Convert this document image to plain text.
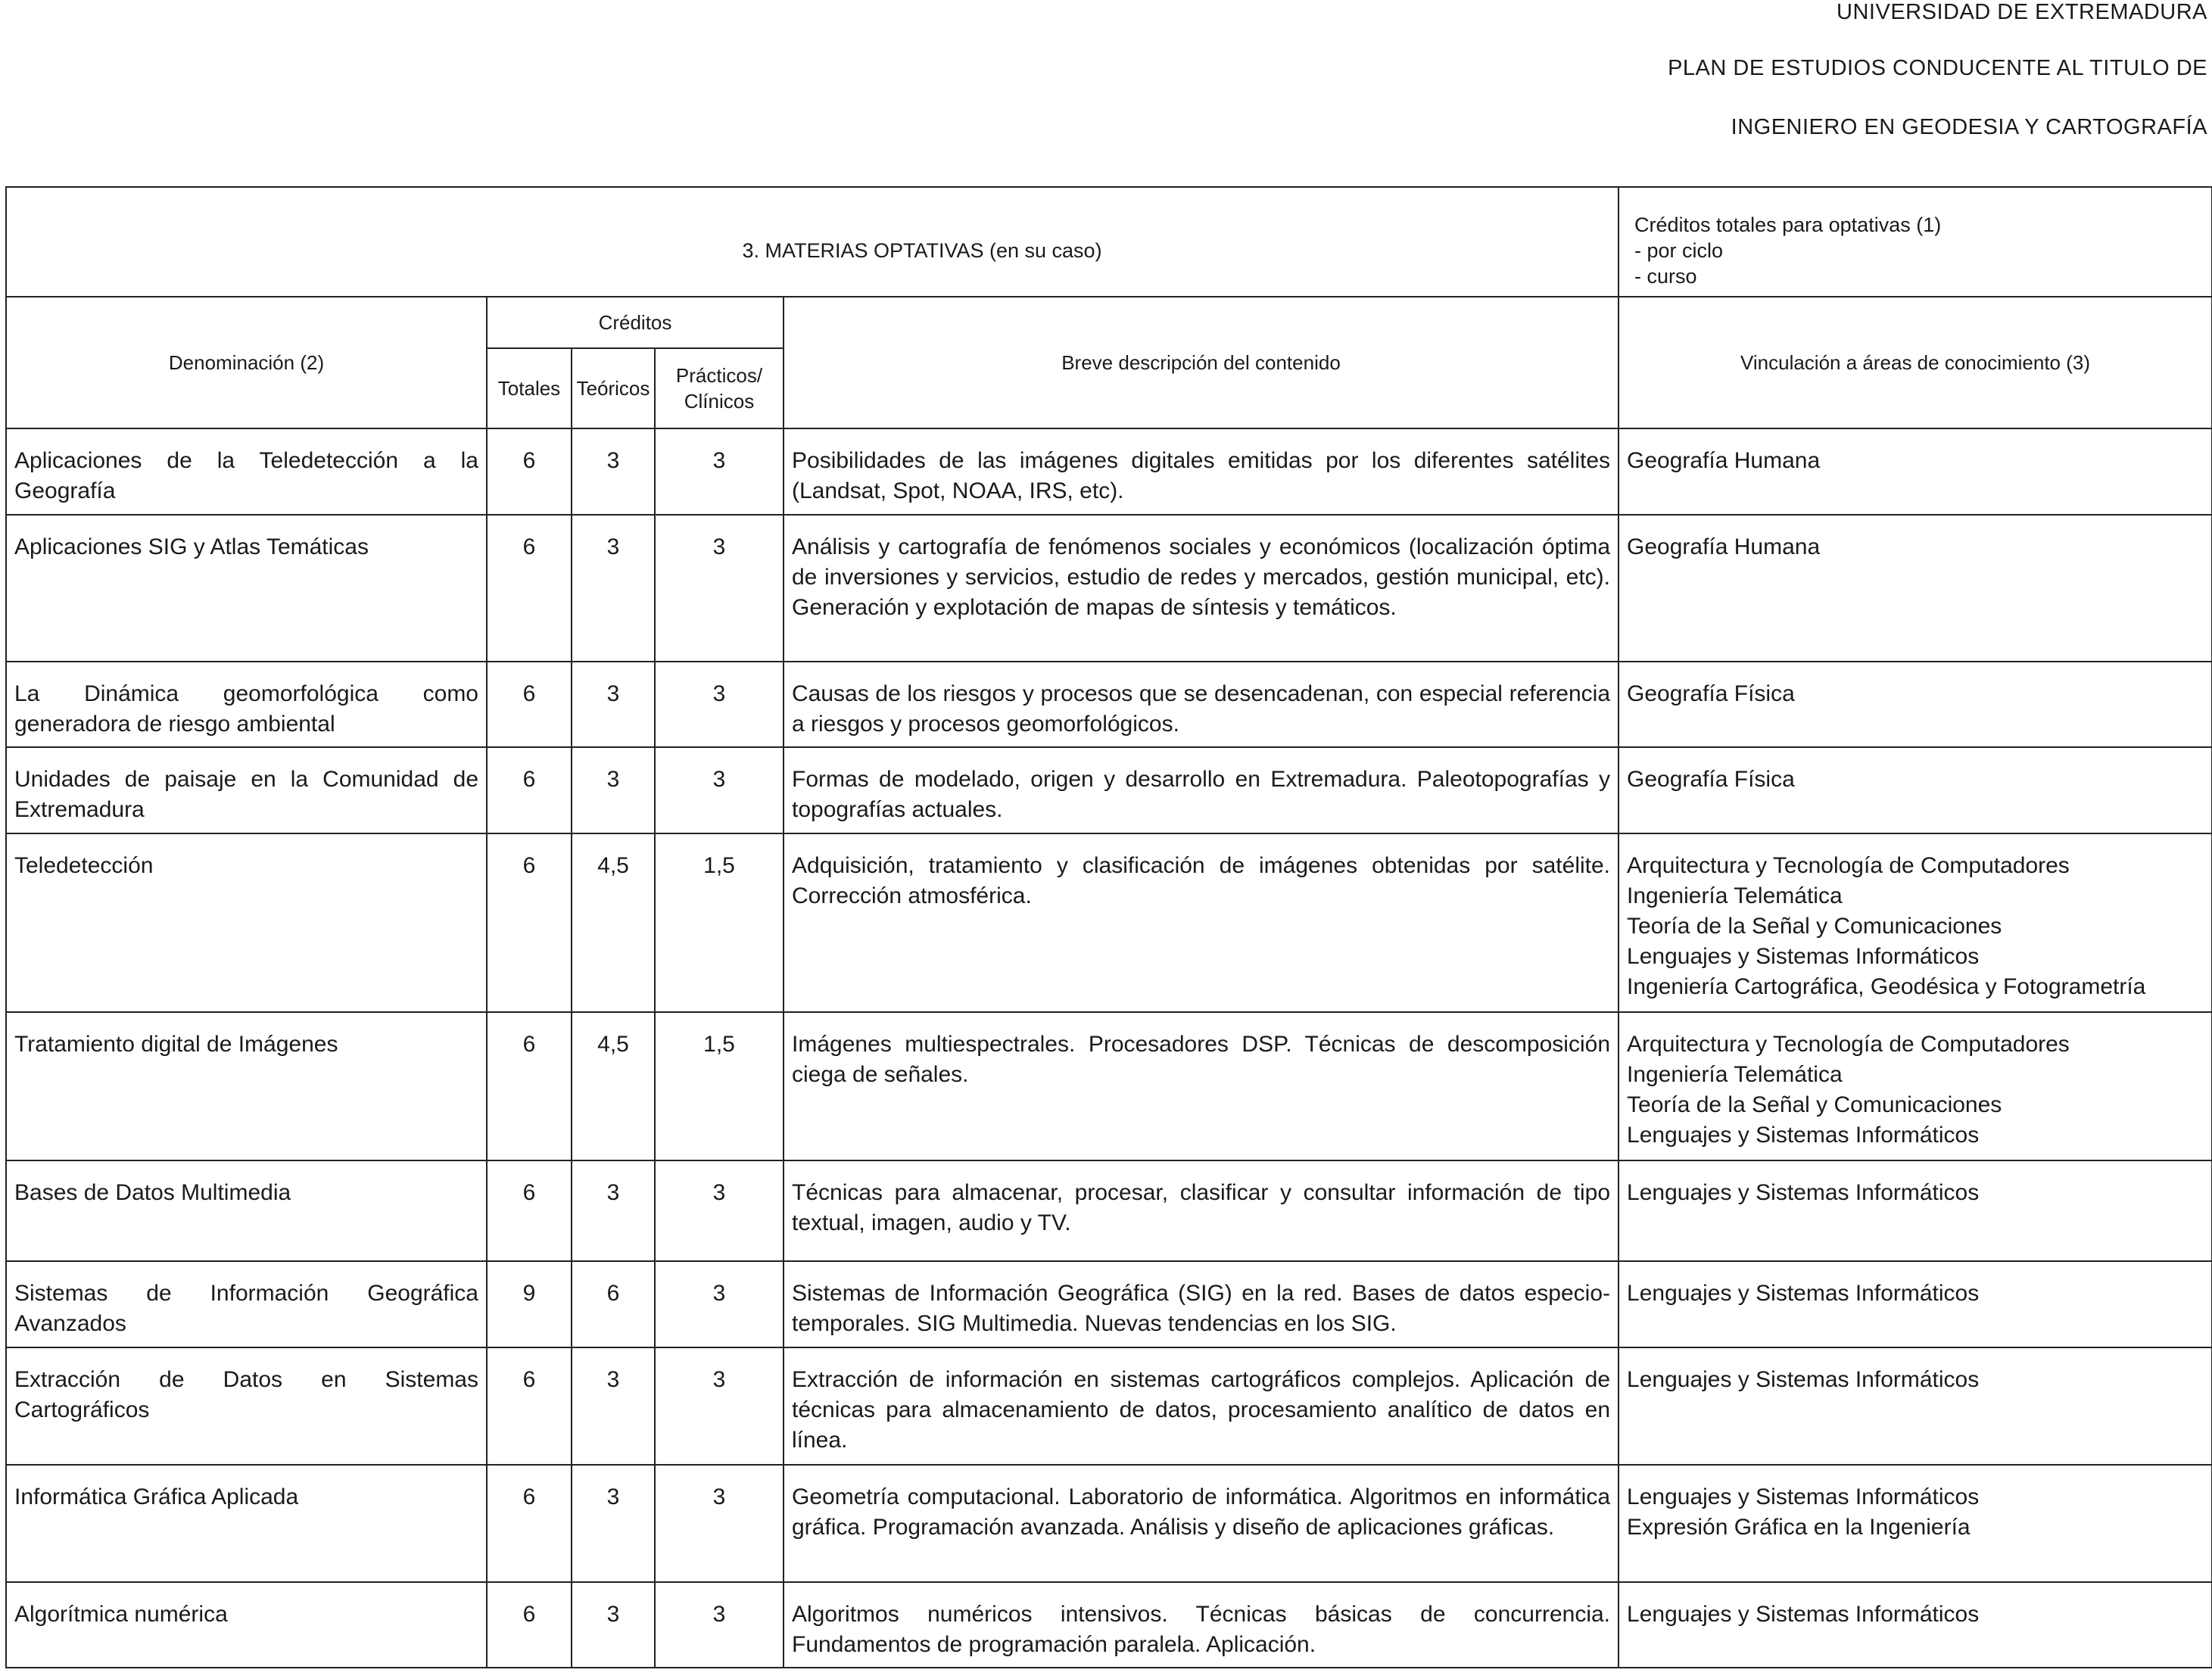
UNIVERSIDAD DE EXTREMADURA
PLAN DE ESTUDIOS CONDUCENTE AL TITULO DE
INGENIERO EN GEODESIA Y CARTOGRAFÍA
3. MATERIAS OPTATIVAS (en su caso)					Créditos totales para optativas (1)
- por ciclo
- curso

Denominación (2)	Créditos			Breve descripción del contenido	Vinculación a áreas de conocimiento (3)
	Totales	Teóricos	Prácticos/
Clínicos		

Aplicaciones de la Teledetección a la Geografía	6	3	3	Posibilidades de las imágenes digitales emitidas por los diferentes satélites (Landsat, Spot, NOAA, IRS, etc).	Geografía Humana

Aplicaciones SIG y Atlas Temáticas	6	3	3	Análisis y cartografía de fenómenos sociales y económicos (localización óptima de inversiones y servicios, estudio de redes y mercados, gestión municipal, etc). Generación y explotación de mapas de síntesis y temáticos.	Geografía Humana

La Dinámica geomorfológica como generadora de riesgo ambiental	6	3	3	Causas de los riesgos y procesos que se desencadenan, con especial referencia a riesgos y procesos geomorfológicos.	Geografía Física

Unidades de paisaje en la Comunidad de Extremadura	6	3	3	Formas de modelado, origen y desarrollo en Extremadura. Paleotopografías y topografías actuales.	Geografía Física

Teledetección	6	4,5	1,5	Adquisición, tratamiento y clasificación de imágenes obtenidas por satélite. Corrección atmosférica.	Arquitectura y Tecnología de Computadores
Ingeniería Telemática
Teoría de la Señal y Comunicaciones
Lenguajes y Sistemas Informáticos
Ingeniería Cartográfica, Geodésica y Fotogrametría

Tratamiento digital de Imágenes	6	4,5	1,5	Imágenes multiespectrales. Procesadores DSP. Técnicas de descomposición ciega de señales.	Arquitectura y Tecnología de Computadores
Ingeniería Telemática
Teoría de la Señal y Comunicaciones
Lenguajes y Sistemas Informáticos

Bases de Datos Multimedia	6	3	3	Técnicas para almacenar, procesar, clasificar y consultar información de tipo textual, imagen, audio y TV.	Lenguajes y Sistemas Informáticos

Sistemas de Información Geográfica Avanzados	9	6	3	Sistemas de Información Geográfica (SIG) en la red. Bases de datos especio-temporales. SIG Multimedia. Nuevas tendencias en los SIG.	Lenguajes y Sistemas Informáticos

Extracción de Datos en Sistemas Cartográficos	6	3	3	Extracción de información en sistemas cartográficos complejos. Aplicación de técnicas para almacenamiento de datos, procesamiento analítico de datos en línea.	Lenguajes y Sistemas Informáticos

Informática Gráfica Aplicada	6	3	3	Geometría computacional. Laboratorio de informática. Algoritmos en informática gráfica. Programación avanzada. Análisis y diseño de aplicaciones gráficas.	Lenguajes y Sistemas Informáticos
Expresión Gráfica en la Ingeniería

Algorítmica numérica	6	3	3	Algoritmos numéricos intensivos. Técnicas básicas de concurrencia. Fundamentos de programación paralela. Aplicación.	Lenguajes y Sistemas Informáticos
